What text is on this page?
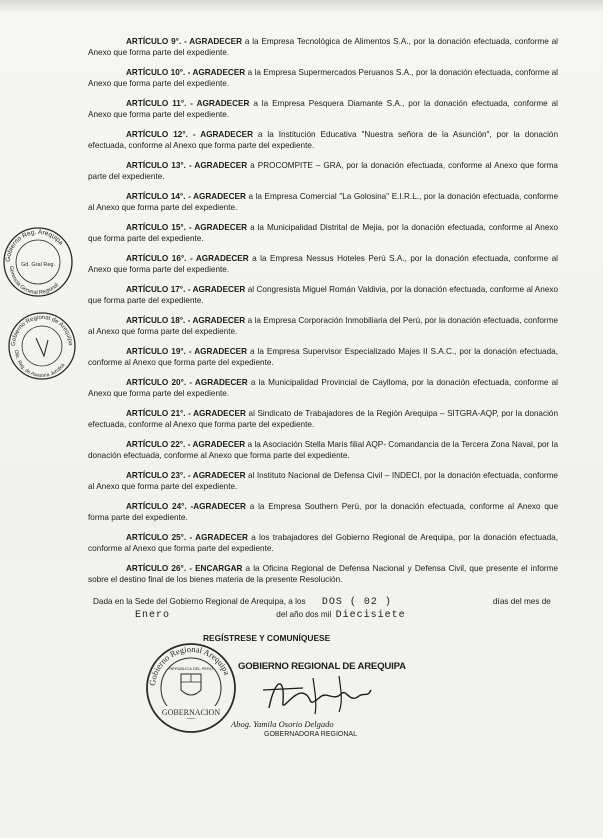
ARTÍCULO 9°. - AGRADECER a la Empresa Tecnológica de Alimentos S.A., por la donación efectuada, conforme al Anexo que forma parte del expediente.
ARTÍCULO 10°. - AGRADECER a la Empresa Supermercados Peruanos S.A., por la donación efectuada, conforme al Anexo que forma parte del expediente.
ARTÍCULO 11°. - AGRADECER a la Empresa Pesquera Diamante S.A., por la donación efectuada, conforme al Anexo que forma parte del expediente.
ARTÍCULO 12°. - AGRADECER a la Institución Educativa "Nuestra señora de la Asunción", por la donación efectuada, conforme al Anexo que forma parte del expediente.
ARTÍCULO 13°. - AGRADECER a PROCOMPITE – GRA, por la donación efectuada, conforme al Anexo que forma parte del expediente.
ARTÍCULO 14°. - AGRADECER a la Empresa Comercial "La Golosina" E.I.R.L., por la donación efectuada, conforme al Anexo que forma parte del expediente.
ARTÍCULO 15°. - AGRADECER a la Municipalidad Distrital de Mejia, por la donación efectuada, conforme al Anexo que forma parte del expediente.
ARTÍCULO 16°. - AGRADECER a la Empresa Nessus Hoteles Perú S.A., por la donación efectuada, conforme al Anexo que forma parte del expediente.
ARTÍCULO 17°. - AGRADECER al Congresista Miguel Román Valdivia, por la donación efectuada, conforme al Anexo que forma parte del expediente.
ARTÍCULO 18°. - AGRADECER a la Empresa Corporación Inmobiliaria del Perú, por la donación efectuada, conforme al Anexo que forma parte del expediente.
ARTÍCULO 19°. - AGRADECER a la Empresa Supervisor Especializado Majes II S.A.C., por la donación efectuada, conforme al Anexo que forma parte del expediente.
ARTÍCULO 20°. - AGRADECER a la Municipalidad Provincial de Caylloma, por la donación efectuada, conforme al Anexo que forma parte del expediente.
ARTÍCULO 21°. - AGRADECER al Sindicato de Trabajadores de la Región Arequipa – SITGRA-AQP, por la donación efectuada, conforme al Anexo que forma parte del expediente.
ARTÍCULO 22°. - AGRADECER a la Asociación Stella Maris filial AQP- Comandancia de la Tercera Zona Naval, por la donación efectuada, conforme al Anexo que forma parte del expediente.
ARTÍCULO 23°. - AGRADECER al Instituto Nacional de Defensa Civil – INDECI, por la donación efectuada, conforme al Anexo que forma parte del expediente.
ARTÍCULO 24°. -AGRADECER a la Empresa Southern Perú, por la donación efectuada, conforme al Anexo que forma parte del expediente.
ARTÍCULO 25°. - AGRADECER a los trabajadores del Gobierno Regional de Arequipa, por la donación efectuada, conforme al Anexo que forma parte del expediente.
ARTÍCULO 26°. - ENCARGAR a la Oficina Regional de Defensa Nacional y Defensa Civil, que presente el informe sobre el destino final de los bienes materia de la presente Resolución.
Dada en la Sede del Gobierno Regional de Arequipa, a los DOS ( 02 )	días del mes de
Enero	del año dos mil Diecisiete
REGÍSTRESE Y COMUNÍQUESE
GOBIERNO REGIONAL DE AREQUIPA
Abog. Yamila Osorio Delgado
GOBERNADORA REGIONAL
Gobierno Regional Arequipa
REPÚBLICA DEL PERÚ
GOBERNACION
Gobierno Reg. Arequipa
Gerencia General Regional
Gd. Gral Reg.
Gobierno Regional de Arequipa
Ofic. Reg. de Asesoría Jurídica
